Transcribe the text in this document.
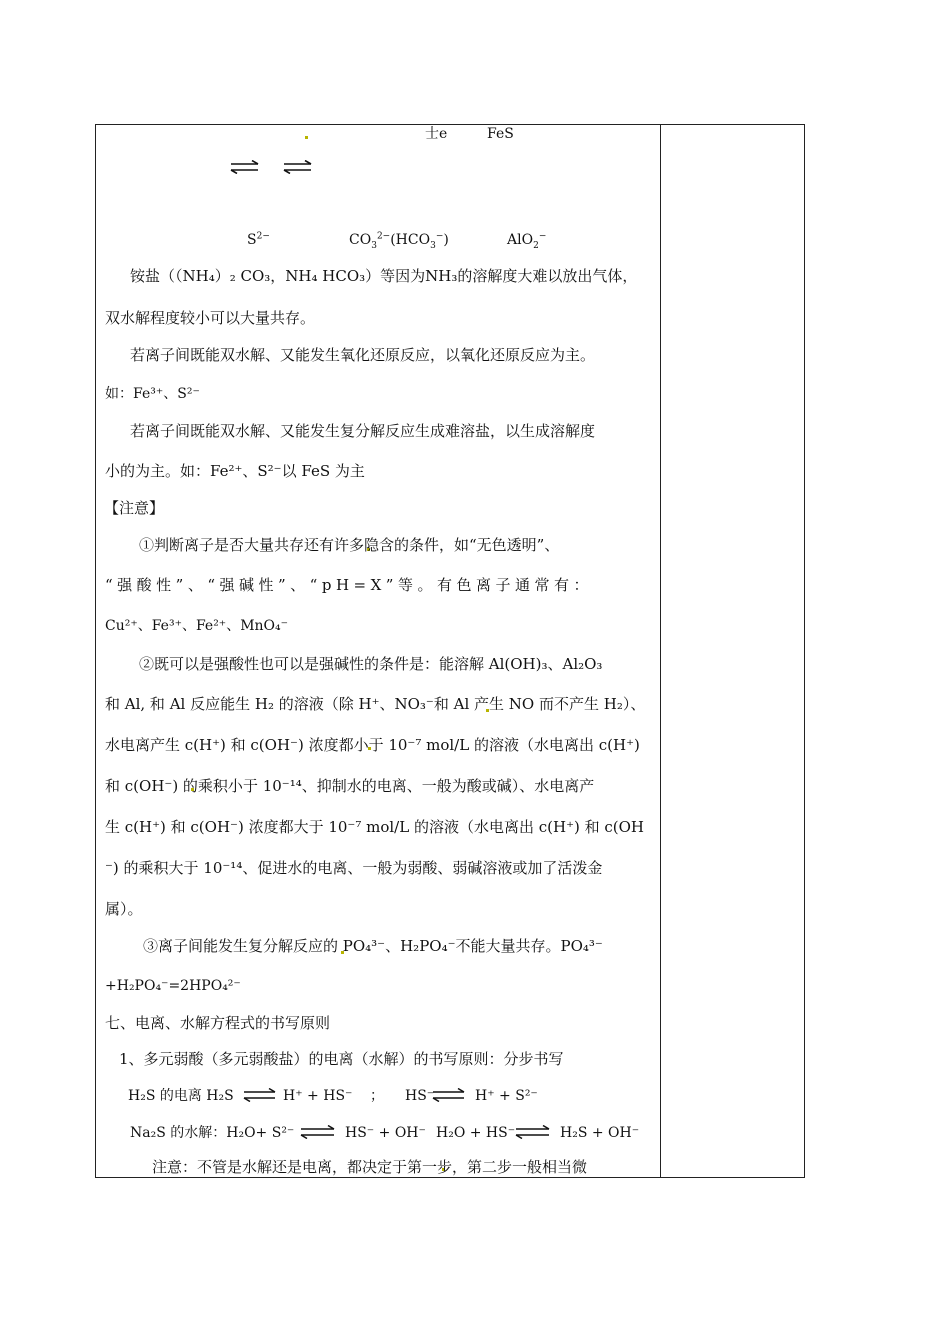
士e	FeS
$S^{2-}$	$CO_3^{2-}(HCO_3^-)$	AlO$_2$−
铵盐（（NH₄）₂ CO₃，NH₄ HCO₃）等因为NH₃的溶解度大难以放出气体，
双水解程度较小可以大量共存。
若离子间既能双水解、又能发生氧化还原反应，以氧化还原反应为主。
如：Fe³⁺、S²⁻
若离子间既能双水解、又能发生复分解反应生成难溶盐，以生成溶解度
小的为主。如：Fe²⁺、S²⁻以 FeS 为主
【注意】
①判断离子是否大量共存还有许多隐含的条件，如“无色透明”、
“强酸性”、“强碱性”、“pH=X”等。有色离子通常有：
Cu²⁺、Fe³⁺、Fe²⁺、MnO₄⁻
②既可以是强酸性也可以是强碱性的条件是：能溶解 Al(OH)₃、Al₂O₃
和 Al, 和 Al 反应能生 H₂ 的溶液（除 H⁺、NO₃⁻和 Al 产生 NO 而不产生 H₂）、
水电离产生 c(H⁺) 和 c(OH⁻) 浓度都小于 10⁻⁷ mol/L 的溶液（水电离出 c(H⁺)
和 c(OH⁻) 的乘积小于 10⁻¹⁴、抑制水的电离、一般为酸或碱）、水电离产
生 c(H⁺) 和 c(OH⁻) 浓度都大于 10⁻⁷ mol/L 的溶液（水电离出 c(H⁺) 和 c(OH
⁻) 的乘积大于 10⁻¹⁴、促进水的电离、一般为弱酸、弱碱溶液或加了活泼金
属）。
③离子间能发生复分解反应的 PO₄³⁻、H₂PO₄⁻不能大量共存。PO₄³⁻
+H₂PO₄⁻=2HPO₄²⁻
七、电离、水解方程式的书写原则
1、多元弱酸（多元弱酸盐）的电离（水解）的书写原则：分步书写
H₂S 的电离 H₂S ⇌ H⁺ + HS⁻ ； HS⁻ ⇌ H⁺ + S²⁻
Na₂S 的水解：H₂O+ S²⁻ ⇌ HS⁻ + OH⁻ H₂O + HS⁻ ⇌ H₂S + OH⁻
注意：不管是水解还是电离，都决定于第一步，第二步一般相当微
